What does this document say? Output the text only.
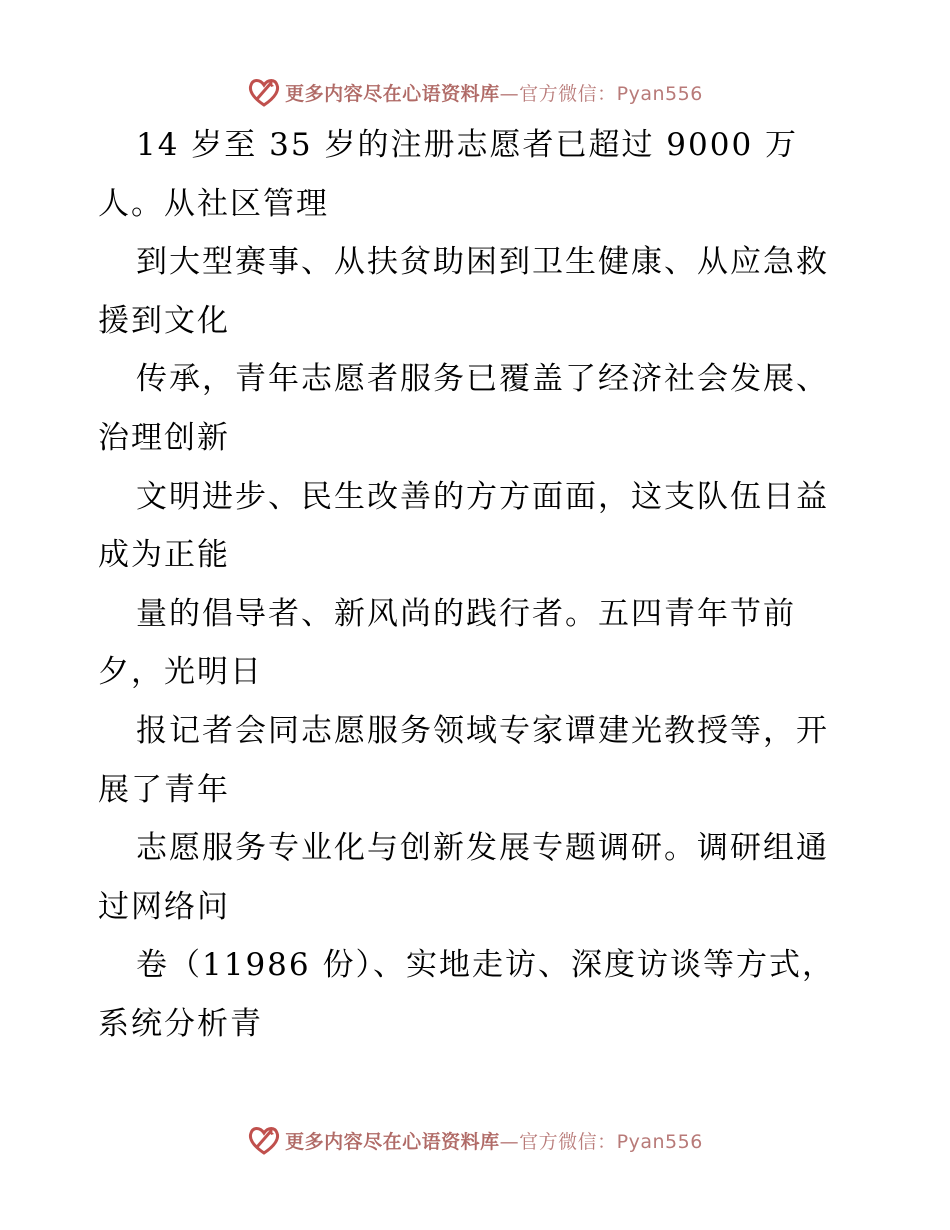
更多内容尽在心语资料库—官方微信：Pyan556
14 岁至 35 岁的注册志愿者已超过 9000 万
人。从社区管理
到大型赛事、从扶贫助困到卫生健康、从应急救
援到文化
传承，青年志愿者服务已覆盖了经济社会发展、
治理创新
文明进步、民生改善的方方面面，这支队伍日益
成为正能
量的倡导者、新风尚的践行者。五四青年节前
夕，光明日
报记者会同志愿服务领域专家谭建光教授等，开
展了青年
志愿服务专业化与创新发展专题调研。调研组通
过网络问
卷（11986 份）、实地走访、深度访谈等方式，
系统分析青
更多内容尽在心语资料库—官方微信：Pyan556
